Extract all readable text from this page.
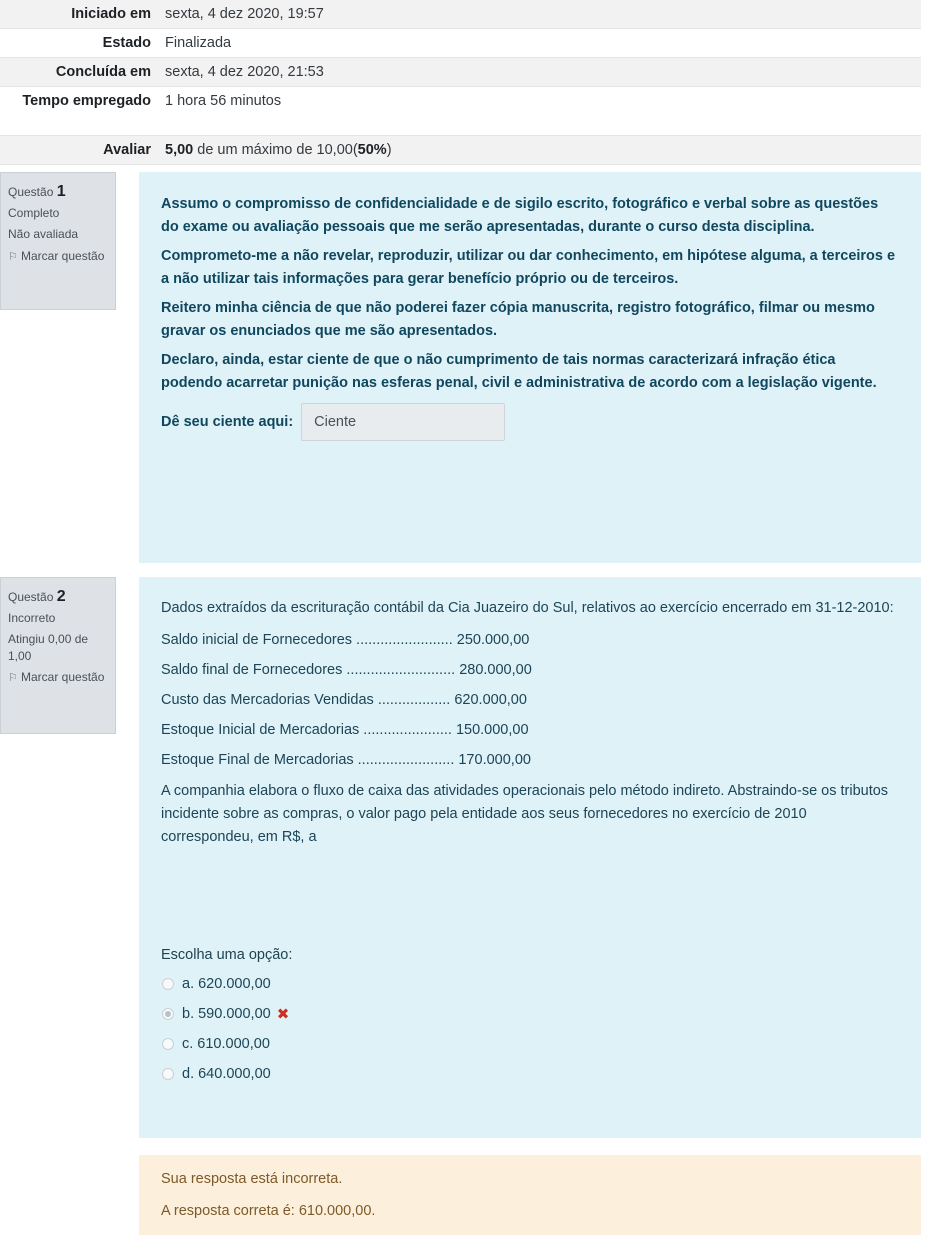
Iniciado em	sexta, 4 dez 2020, 19:57
Estado	Finalizada
Concluída em	sexta, 4 dez 2020, 21:53
Tempo empregado	1 hora 56 minutos
Avaliar	5,00 de um máximo de 10,00(50%)
Questão 1
Completo
Não avaliada
⚐ Marcar questão

Assumo o compromisso de confidencialidade e de sigilo escrito, fotográfico e verbal sobre as questões do exame ou avaliação pessoais que me serão apresentadas, durante o curso desta disciplina.

Comprometo-me a não revelar, reproduzir, utilizar ou dar conhecimento, em hipótese alguma, a terceiros e a não utilizar tais informações para gerar benefício próprio ou de terceiros.

Reitero minha ciência de que não poderei fazer cópia manuscrita, registro fotográfico, filmar ou mesmo gravar os enunciados que me são apresentados.

Declaro, ainda, estar ciente de que o não cumprimento de tais normas caracterizará infração ética podendo acarretar punição nas esferas penal, civil e administrativa de acordo com a legislação vigente.

Dê seu ciente aqui:
Ciente
Questão 2
Incorreto
Atingiu 0,00 de 1,00
⚐ Marcar questão

Dados extraídos da escrituração contábil da Cia Juazeiro do Sul, relativos ao exercício encerrado em 31-12-2010:

Saldo inicial de Fornecedores ........................ 250.000,00
Saldo final de Fornecedores ........................... 280.000,00
Custo das Mercadorias Vendidas .................. 620.000,00
Estoque Inicial de Mercadorias ...................... 150.000,00
Estoque Final de Mercadorias ........................ 170.000,00

A companhia elabora o fluxo de caixa das atividades operacionais pelo método indireto. Abstraindo-se os tributos incidente sobre as compras, o valor pago pela entidade aos seus fornecedores no exercício de 2010 correspondeu, em R$, a

Escolha uma opção:
a. 620.000,00
b. 590.000,00 ✖
c. 610.000,00
d. 640.000,00
Sua resposta está incorreta.
A resposta correta é: 610.000,00.
